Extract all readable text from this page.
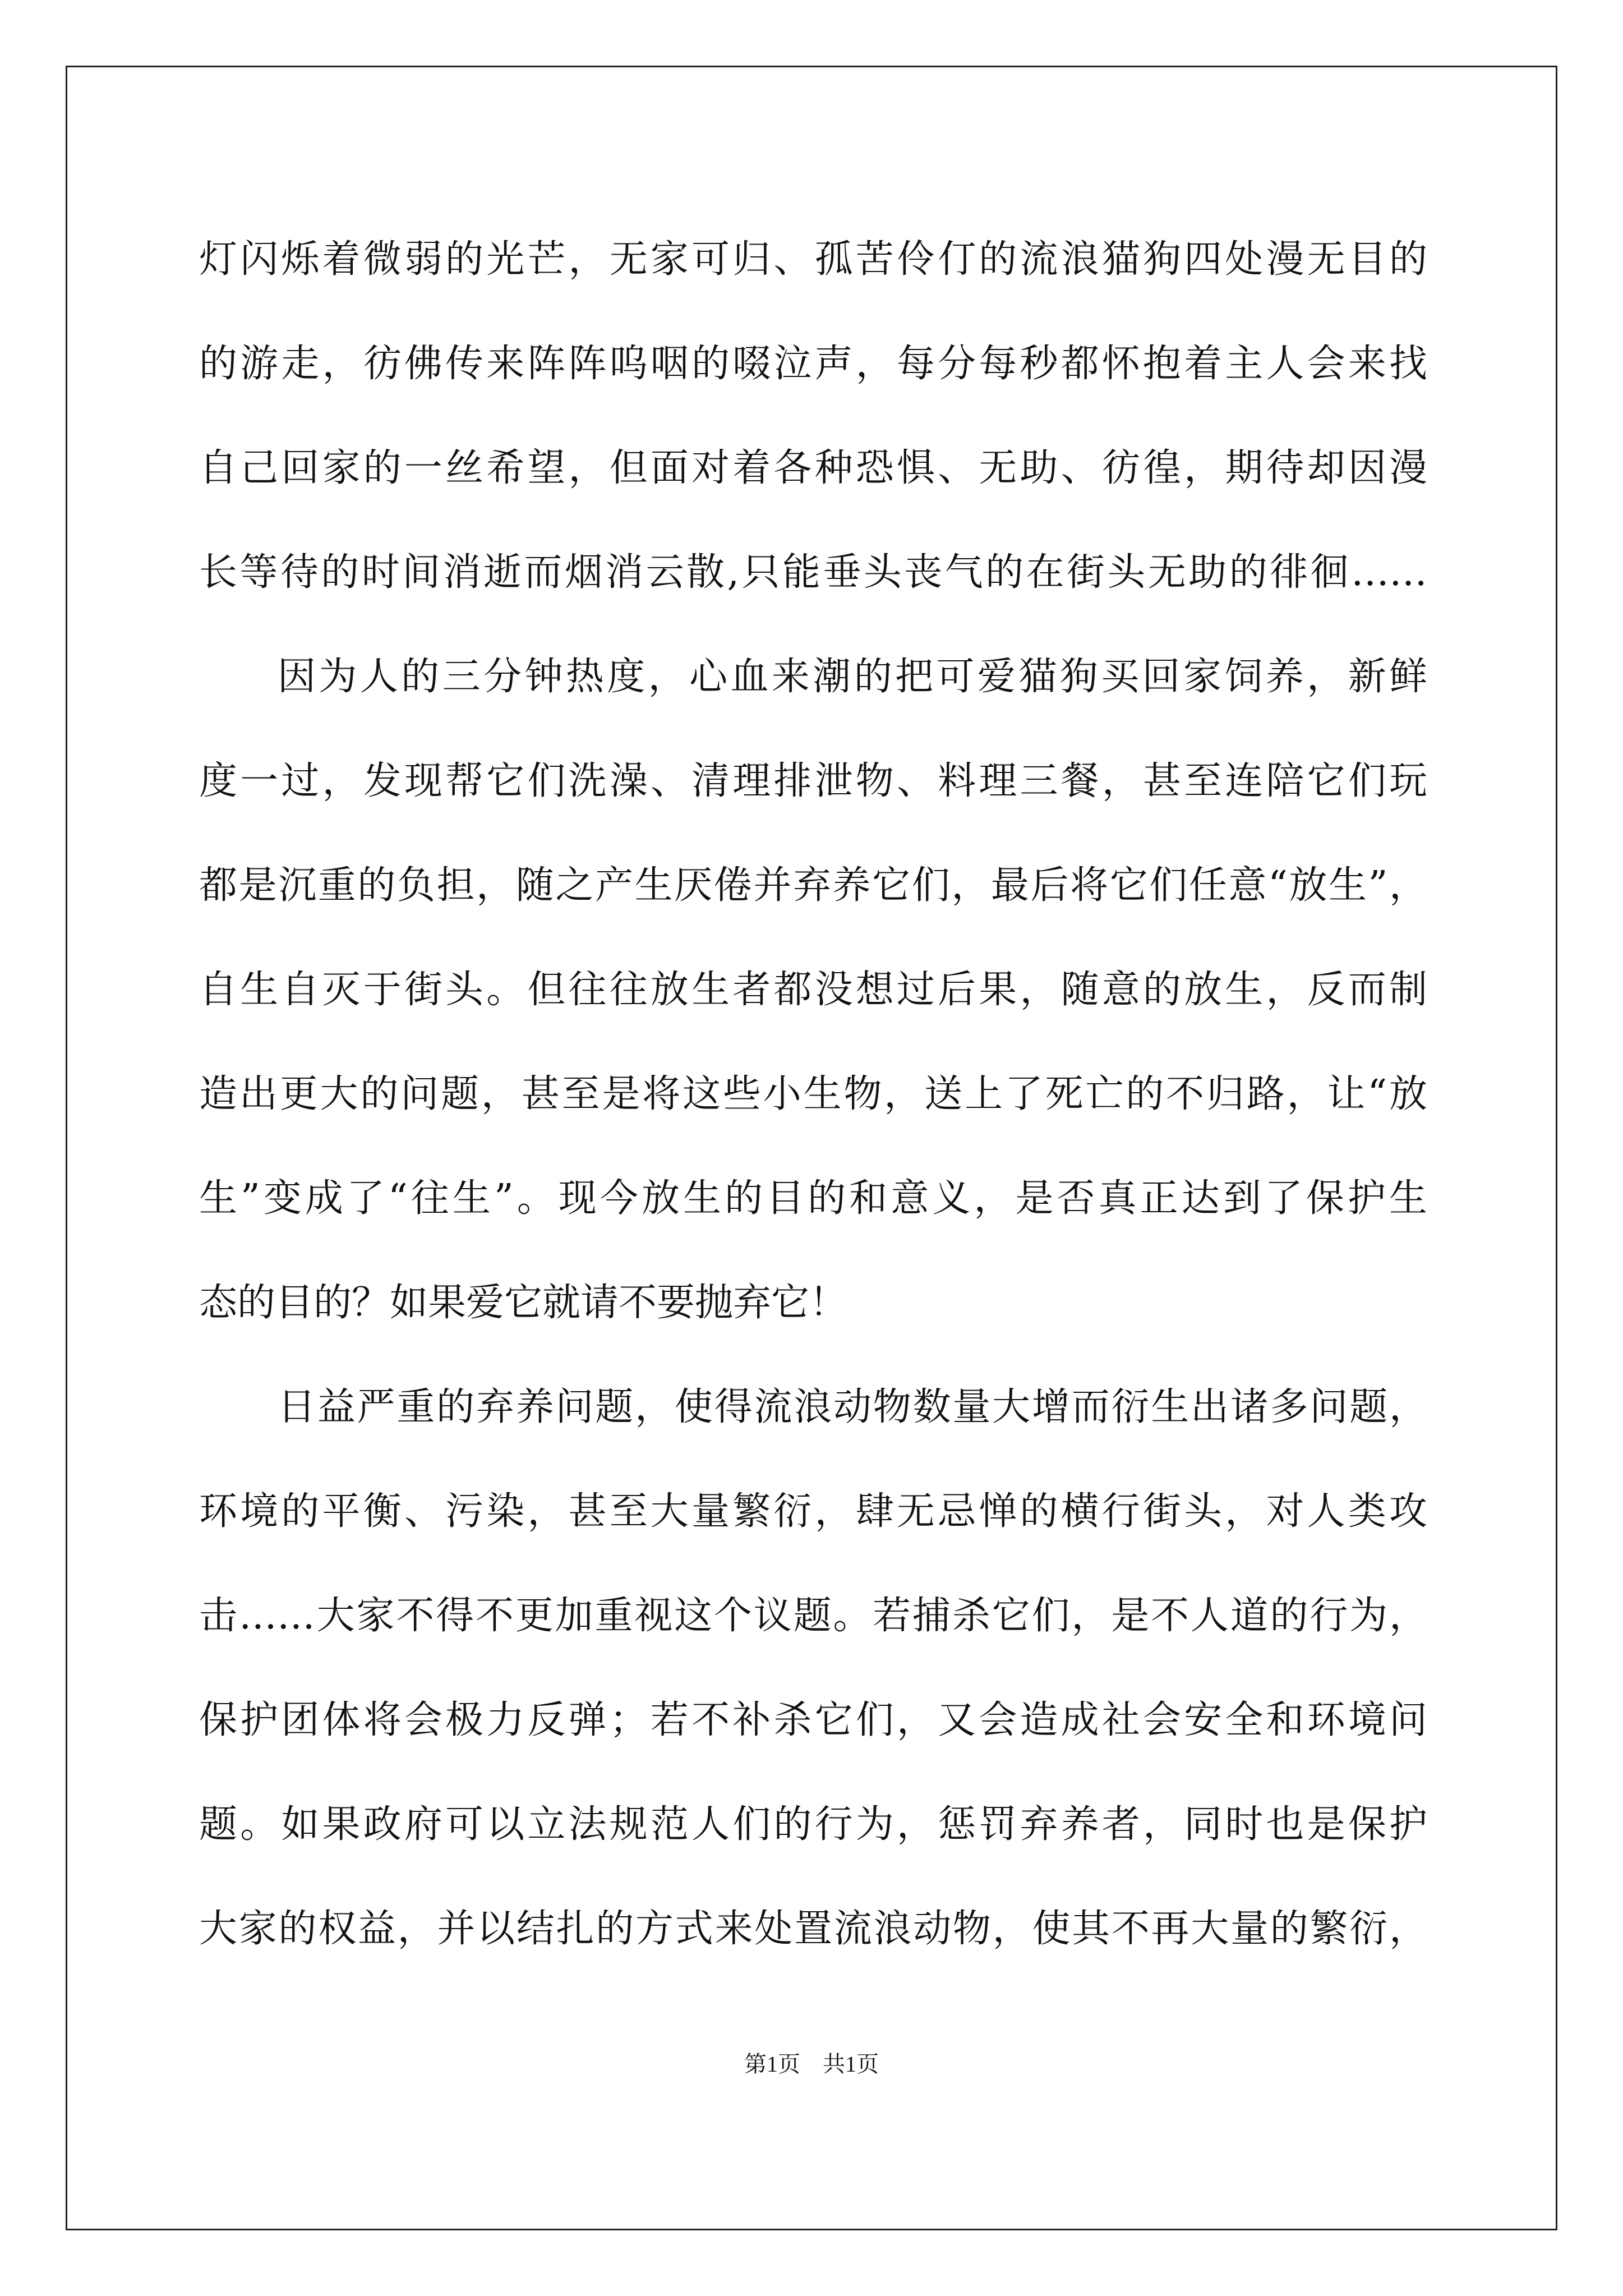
灯闪烁着微弱的光芒，无家可归、孤苦伶仃的流浪猫狗四处漫无目的
的游走，彷佛传来阵阵呜咽的啜泣声，每分每秒都怀抱着主人会来找
自己回家的一丝希望，但面对着各种恐惧、无助、彷徨，期待却因漫
长等待的时间消逝而烟消云散,只能垂头丧气的在街头无助的徘徊……

因为人的三分钟热度，心血来潮的把可爱猫狗买回家饲养，新鲜
度一过，发现帮它们洗澡、清理排泄物、料理三餐，甚至连陪它们玩
都是沉重的负担，随之产生厌倦并弃养它们，最后将它们任意“放生”，
自生自灭于街头。但往往放生者都没想过后果，随意的放生，反而制
造出更大的问题，甚至是将这些小生物，送上了死亡的不归路，让“放
生”变成了“往生”。现今放生的目的和意义，是否真正达到了保护生
态的目的？如果爱它就请不要抛弃它！

日益严重的弃养问题，使得流浪动物数量大增而衍生出诸多问题，
环境的平衡、污染，甚至大量繁衍，肆无忌惮的横行街头，对人类攻
击……大家不得不更加重视这个议题。若捕杀它们，是不人道的行为，
保护团体将会极力反弹；若不补杀它们，又会造成社会安全和环境问
题。如果政府可以立法规范人们的行为，惩罚弃养者，同时也是保护
大家的权益，并以结扎的方式来处置流浪动物，使其不再大量的繁衍，

第1页　共1页
